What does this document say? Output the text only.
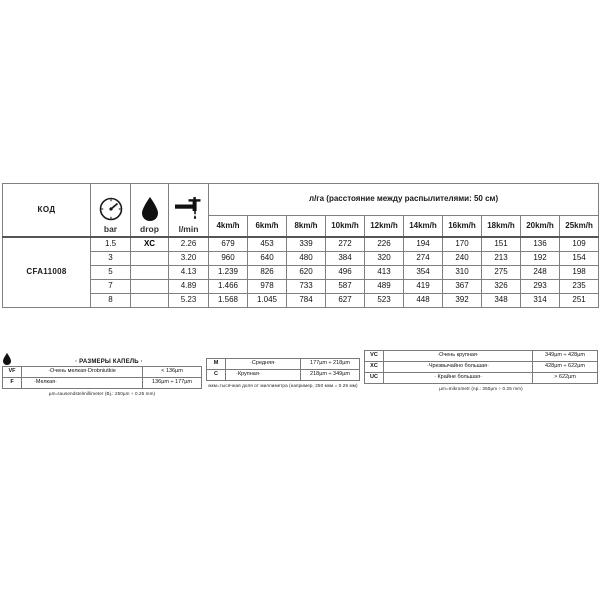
КОД	bar	drop	l/min	л/га (расстояние между распылителями: 50 см)									
				4km/h	6km/h	8km/h	10km/h	12km/h	14km/h	16km/h	18km/h	20km/h	25km/h
CFA11008	1.5	XC	2.26	679	453	339	272	226	194	170	151	136	109
	3	VC	3.20	960	640	480	384	320	274	240	213	192	154
	5	C	4.13	1.239	826	620	496	413	354	310	275	248	198
	7	C	4.89	1.466	978	733	587	489	419	367	326	293	235
	8	C	5.23	1.568	1.045	784	627	523	448	392	348	314	251
· РАЗМЕРЫ КАПЕЛЬ ·
VF	·Очень мелкая·Drobniutkie	< 136µm
F	·Мелкая·	136µm ÷ 177µm
µm=tausendstelmillimeter (Bj.: 250µm ÷ 0.25 mm)
M	·Средняя·	177µm ÷ 218µm
C	·Крупная·	218µm ÷ 349µm
мкм=тысячная доля от миллиметра (например, 250 мкм = 0.25 мм)
VC	·Очень крупная·	349µm ÷ 428µm
XC	·Чрезвычайно большая·	428µm ÷ 622µm
UC	· Крайне большая·	> 622µm
µm=mikrometr (np.: 250µm ÷ 0.25 mm)
